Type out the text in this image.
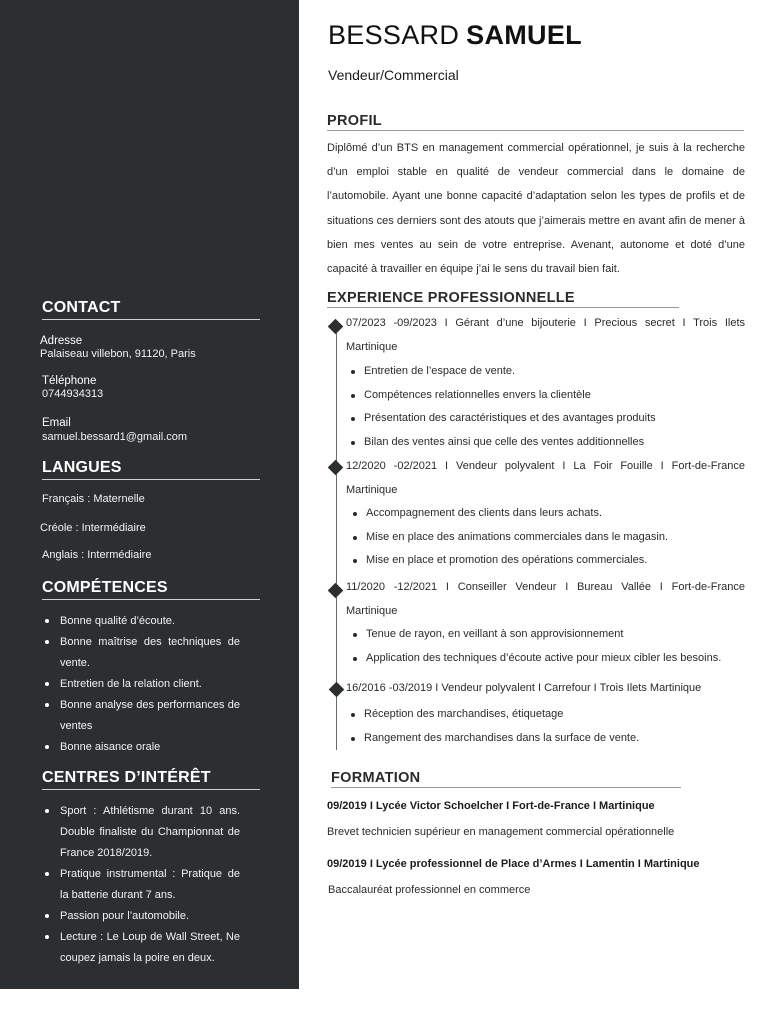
CONTACT
Adresse
Palaiseau villebon, 91120, Paris
Téléphone
0744934313
Email
samuel.bessard1@gmail.com
LANGUES
Français : Maternelle
Créole : Intermédiaire
Anglais : Intermédiaire
COMPÉTENCES
Bonne qualité d’écoute.
Bonne maîtrise des techniques de vente.
Entretien de la relation client.
Bonne analyse des performances de ventes
Bonne aisance orale
CENTRES D’INTÉRÊT
Sport : Athlétisme durant 10 ans. Double finaliste du Championnat de France 2018/2019.
Pratique instrumental : Pratique de la batterie durant 7 ans.
Passion pour l’automobile.
Lecture : Le Loup de Wall Street, Ne coupez jamais la poire en deux.
BESSARD SAMUEL
Vendeur/Commercial
PROFIL

Diplômé d’un BTS en management commercial opérationnel, je suis à la recherche d’un emploi stable en qualité de vendeur commercial dans le domaine de l’automobile. Ayant une bonne capacité d’adaptation selon les types de profils et de situations ces derniers sont des atouts que j’aimerais mettre en avant afin de mener à bien mes ventes au sein de votre entreprise. Avenant, autonome et doté d’une capacité à travailler en équipe j’ai le sens du travail bien fait.

EXPERIENCE PROFESSIONNELLE
07/2023 -09/2023 I Gérant d’une bijouterie I Precious secret I Trois Ilets Martinique
Entretien de l’espace de vente.
Compétences relationnelles envers la clientèle
Présentation des caractéristiques et des avantages produits
Bilan des ventes ainsi que celle des ventes additionnelles
12/2020 -02/2021 I Vendeur polyvalent I La Foir Fouille I Fort-de-France Martinique
Accompagnement des clients dans leurs achats.
Mise en place des animations commerciales dans le magasin.
Mise en place et promotion des opérations commerciales.
11/2020 -12/2021 I Conseiller Vendeur I Bureau Vallée I Fort-de-France Martinique
Tenue de rayon, en veillant à son approvisionnement
Application des techniques d’écoute active pour mieux cibler les besoins.
16/2016 -03/2019 I Vendeur polyvalent I Carrefour I Trois Ilets Martinique
Réception des marchandises, étiquetage
Rangement des marchandises dans la surface de vente.
FORMATION
09/2019 I Lycée Victor Schoelcher I Fort-de-France I Martinique
Brevet technicien supérieur en management commercial opérationnelle
09/2019 I Lycée professionnel de Place d’Armes I Lamentin I Martinique
Baccalauréat professionnel en commerce
